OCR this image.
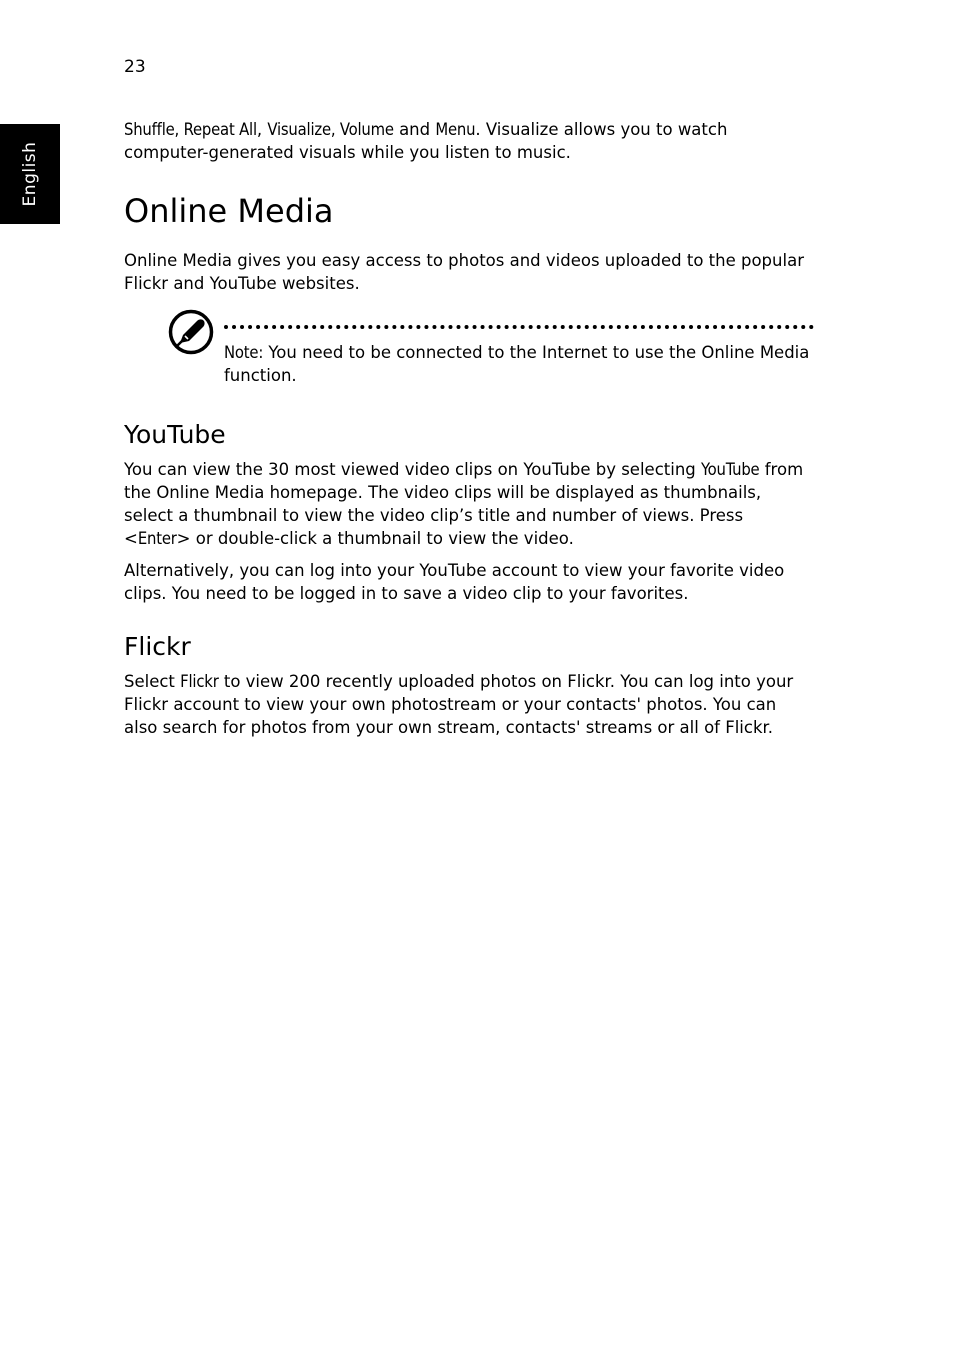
23
English

Shuffle, Repeat All, Visualize, Volume and Menu. Visualize allows you to watch computer-generated visuals while you listen to music.

Online Media

Online Media gives you easy access to photos and videos uploaded to the popular Flickr and YouTube websites.

Note: You need to be connected to the Internet to use the Online Media function.
YouTube

You can view the 30 most viewed video clips on YouTube by selecting YouTube from the Online Media homepage. The video clips will be displayed as thumbnails, select a thumbnail to view the video clip’s title and number of views. Press <Enter> or double-click a thumbnail to view the video.

Alternatively, you can log into your YouTube account to view your favorite video clips. You need to be logged in to save a video clip to your favorites.

Flickr

Select Flickr to view 200 recently uploaded photos on Flickr. You can log into your Flickr account to view your own photostream or your contacts' photos. You can also search for photos from your own stream, contacts' streams or all of Flickr.
